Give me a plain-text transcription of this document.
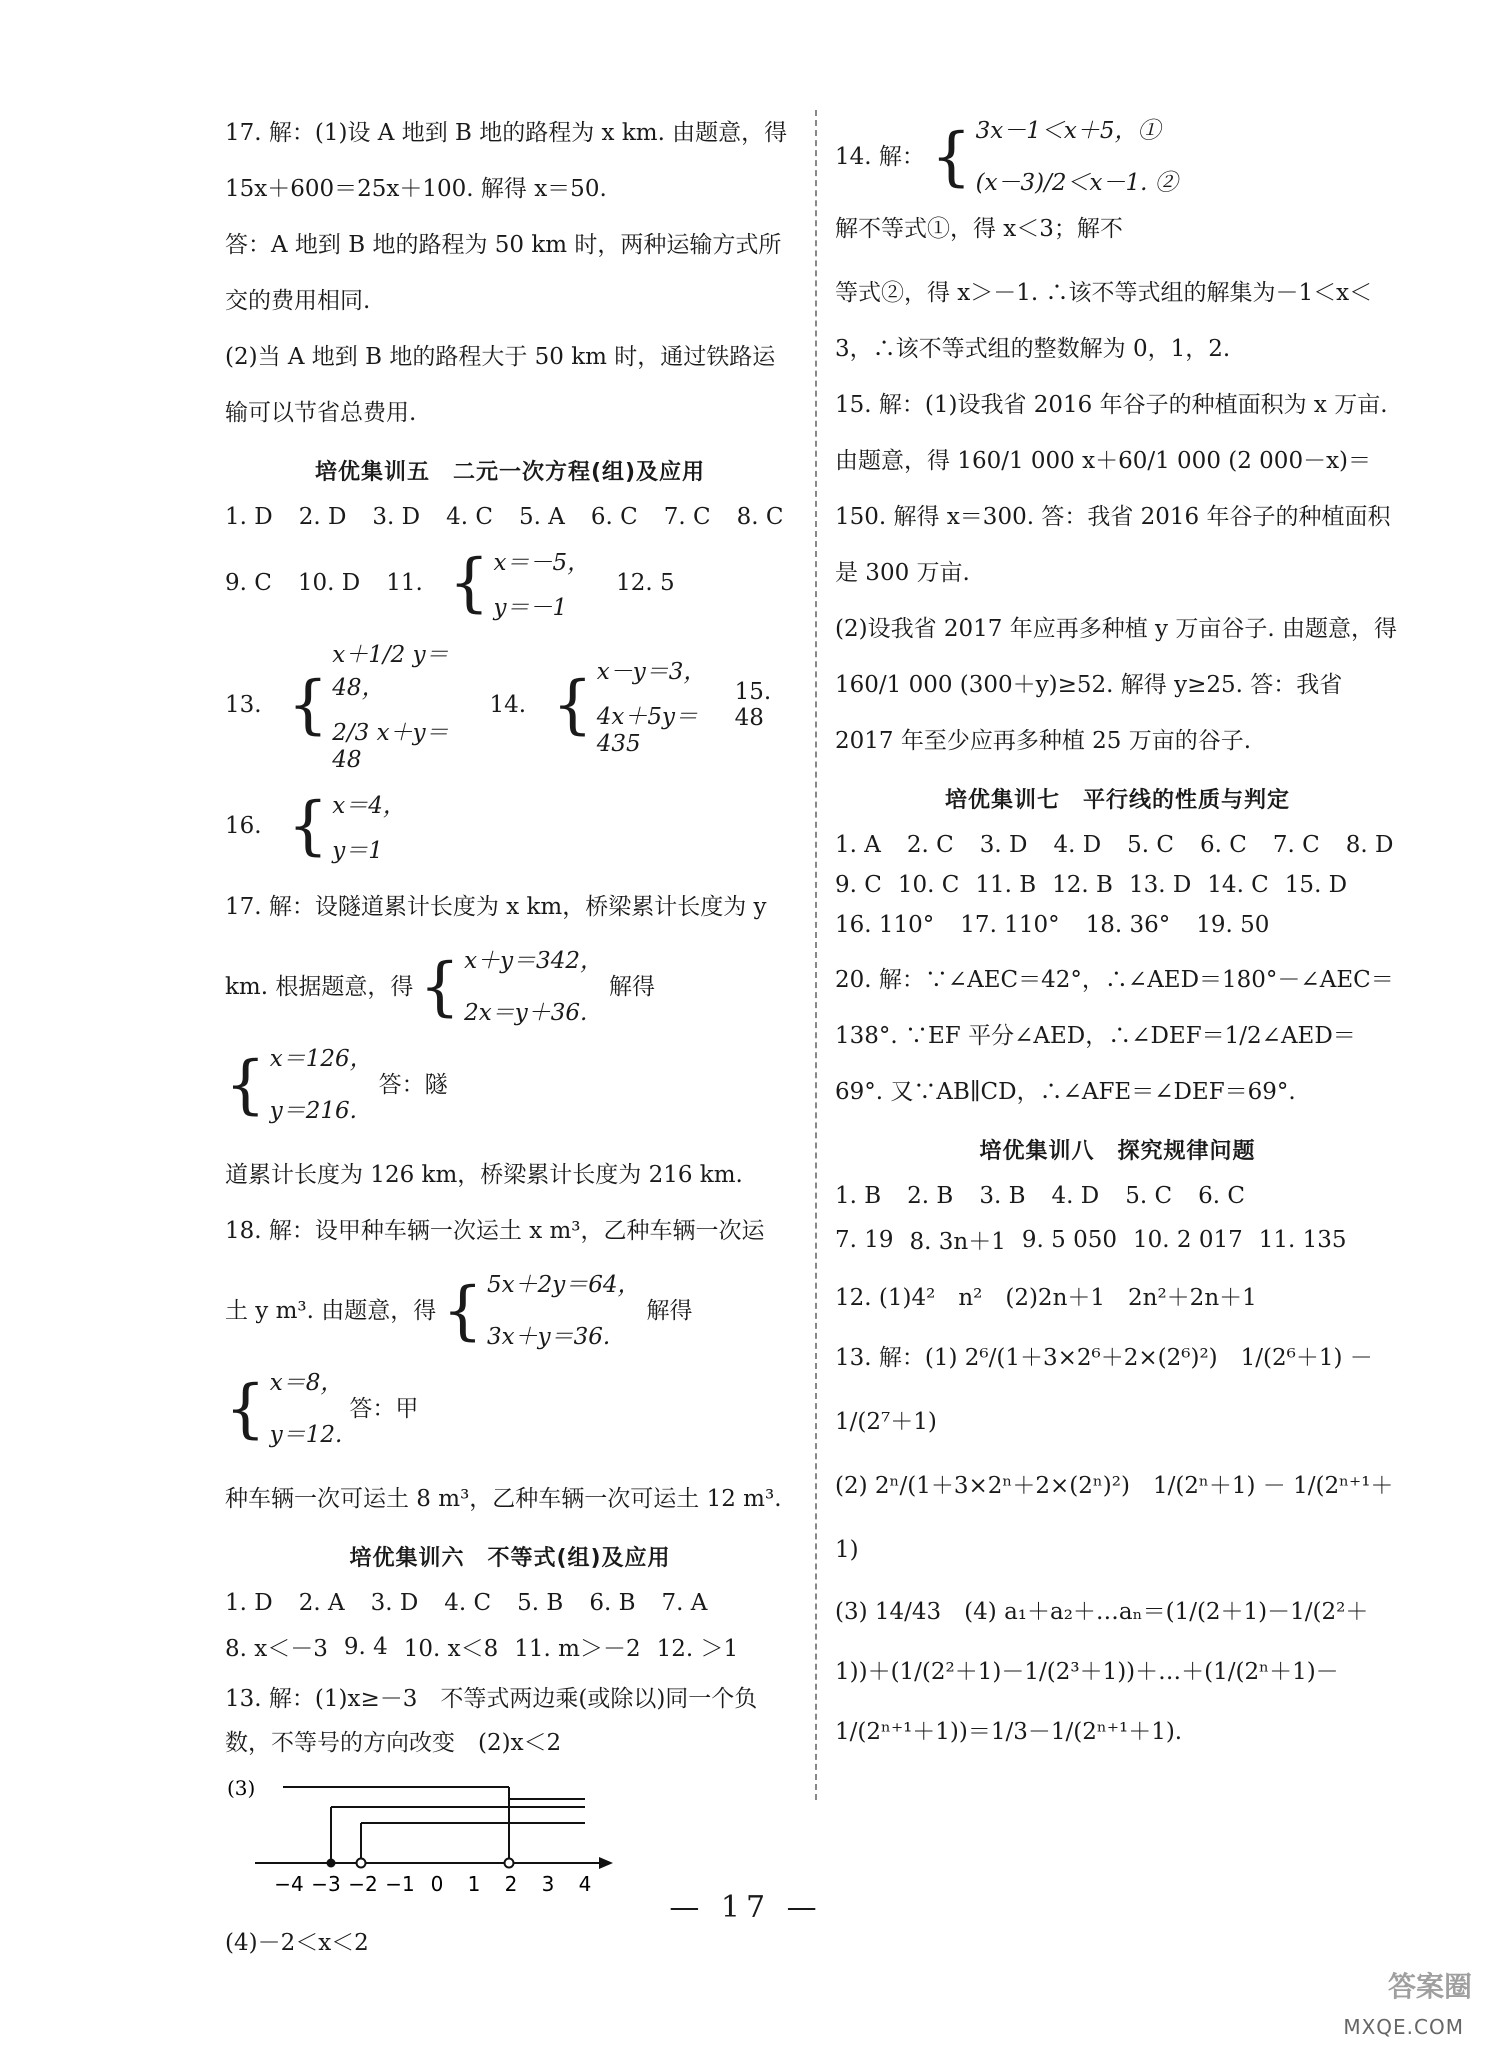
17. 解：(1)设 A 地到 B 地的路程为 x km. 由题意，得 15x＋600＝25x＋100. 解得 x＝50.

答：A 地到 B 地的路程为 50 km 时，两种运输方式所交的费用相同.

(2)当 A 地到 B 地的路程大于 50 km 时，通过铁路运输可以节省总费用.

培优集训五　二元一次方程(组)及应用
1. D 2. D 3. D 4. C 5. A 6. C 7. C 8. C
9. C 10. D 11. { x＝－5，
y＝－1
12. 5
13. {
x＋1/2 y＝48，
2/3 x＋y＝48
14. { x－y＝3，
4x＋5y＝435
15. 48
16. { x＝4，
y＝1

17. 解：设隧道累计长度为 x km，桥梁累计长度为 y

km. 根据题意，得 { x＋y＝342，
2x＝y＋36.
解得
{ x＝126，
y＝216.
答：隧

道累计长度为 126 km，桥梁累计长度为 216 km.

18. 解：设甲种车辆一次运土 x m³，乙种车辆一次运

土 y m³. 由题意，得 { 5x＋2y＝64，
3x＋y＝36.
解得
{ x＝8，
y＝12.
答：甲

种车辆一次可运土 8 m³，乙种车辆一次可运土 12 m³.

培优集训六　不等式(组)及应用
1. D 2. A 3. D 4. C 5. B 6. B 7. A
8. x＜－3 9. 4 10. x＜8 11. m＞－2 12. ＞1

13. 解：(1)x≥－3　不等式两边乘(或除以)同一个负数，不等号的方向改变　(2)x＜2

(3)
−4 −3 −2 −1 0 1 2 3 4

(4)－2＜x＜2

14. 解： { 3x－1＜x＋5，①
(x－3)/2＜x－1. ②
解不等式①，得 x＜3；解不

等式②，得 x＞－1. ∴该不等式组的解集为－1＜x＜3，∴该不等式组的整数解为 0，1，2.

15. 解：(1)设我省 2016 年谷子的种植面积为 x 万亩. 由题意，得 160/1 000 x＋60/1 000 (2 000－x)＝150. 解得 x＝300. 答：我省 2016 年谷子的种植面积是 300 万亩.

(2)设我省 2017 年应再多种植 y 万亩谷子. 由题意，得 160/1 000 (300＋y)≥52. 解得 y≥25. 答：我省 2017 年至少应再多种植 25 万亩的谷子.

培优集训七　平行线的性质与判定
1. A 2. C 3. D 4. D 5. C 6. C 7. C 8. D
9. C 10. C 11. B 12. B 13. D 14. C 15. D
16. 110° 17. 110° 18. 36° 19. 50

20. 解：∵∠AEC＝42°，∴∠AED＝180°－∠AEC＝138°. ∵EF 平分∠AED，∴∠DEF＝1/2∠AED＝69°. 又∵AB∥CD，∴∠AFE＝∠DEF＝69°.

培优集训八　探究规律问题
1. B 2. B 3. B 4. D 5. C 6. C
7. 19 8. 3n＋1 9. 5 050 10. 2 017 11. 135

12. (1)4²　n²　(2)2n＋1　2n²＋2n＋1

13. 解：(1) 2⁶/(1＋3×2⁶＋2×(2⁶)²)　1/(2⁶＋1) － 1/(2⁷＋1)

(2) 2ⁿ/(1＋3×2ⁿ＋2×(2ⁿ)²)　1/(2ⁿ＋1) － 1/(2ⁿ⁺¹＋1)

(3) 14/43　(4) a₁＋a₂＋…aₙ＝(1/(2＋1)－1/(2²＋1))＋(1/(2²＋1)－1/(2³＋1))＋…＋(1/(2ⁿ＋1)－1/(2ⁿ⁺¹＋1))＝1/3－1/(2ⁿ⁺¹＋1).

— 17 —
答案圈
MXQE.COM
